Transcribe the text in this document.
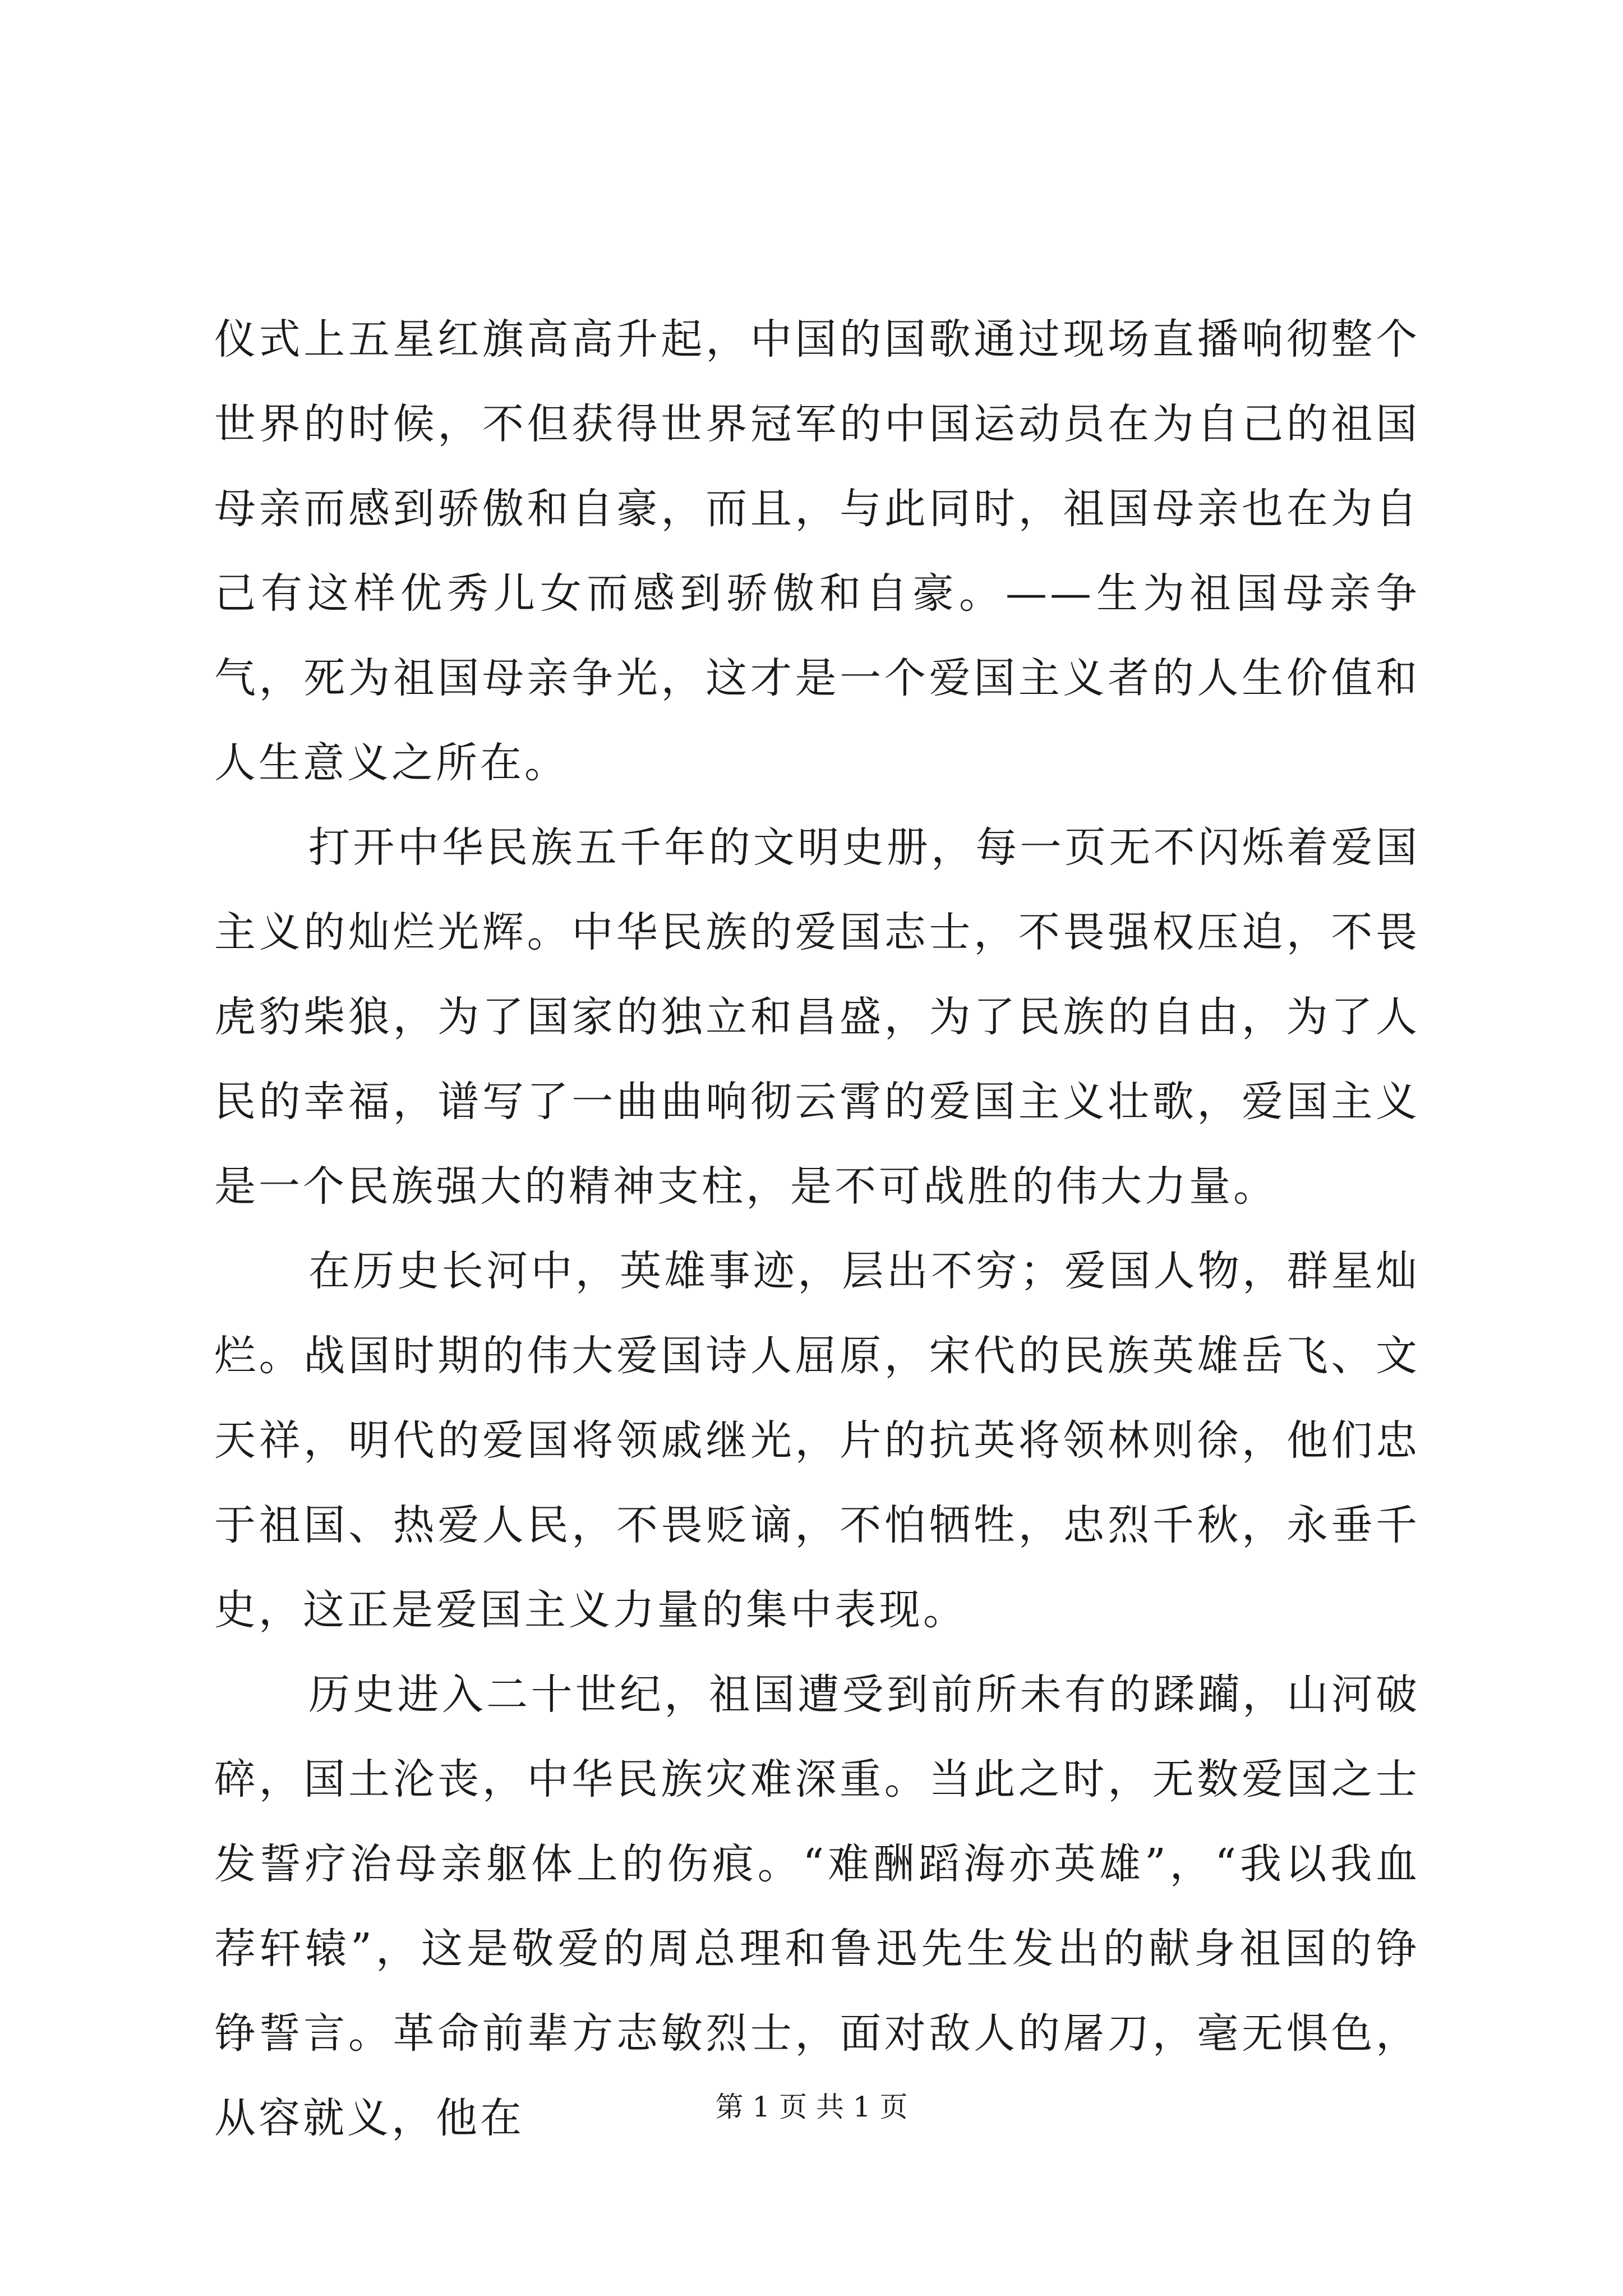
仪式上五星红旗高高升起，中国的国歌通过现场直播响彻整个世界的时候，不但获得世界冠军的中国运动员在为自己的祖国母亲而感到骄傲和自豪，而且，与此同时，祖国母亲也在为自己有这样优秀儿女而感到骄傲和自豪。——生为祖国母亲争气，死为祖国母亲争光，这才是一个爱国主义者的人生价值和人生意义之所在。

打开中华民族五千年的文明史册，每一页无不闪烁着爱国主义的灿烂光辉。中华民族的爱国志士，不畏强权压迫，不畏虎豹柴狼，为了国家的独立和昌盛，为了民族的自由，为了人民的幸福，谱写了一曲曲响彻云霄的爱国主义壮歌，爱国主义是一个民族强大的精神支柱，是不可战胜的伟大力量。

在历史长河中，英雄事迹，层出不穷；爱国人物，群星灿烂。战国时期的伟大爱国诗人屈原，宋代的民族英雄岳飞、文天祥，明代的爱国将领戚继光，片的抗英将领林则徐，他们忠于祖国、热爱人民，不畏贬谪，不怕牺牲，忠烈千秋，永垂千史，这正是爱国主义力量的集中表现。

历史进入二十世纪，祖国遭受到前所未有的蹂躏，山河破碎，国土沦丧，中华民族灾难深重。当此之时，无数爱国之士发誓疗治母亲躯体上的伤痕。“难酬蹈海亦英雄”，“我以我血荐轩辕”，这是敬爱的周总理和鲁迅先生发出的献身祖国的铮铮誓言。革命前辈方志敏烈士，面对敌人的屠刀，毫无惧色，从容就义，他在	第 1 页 共 1 页
